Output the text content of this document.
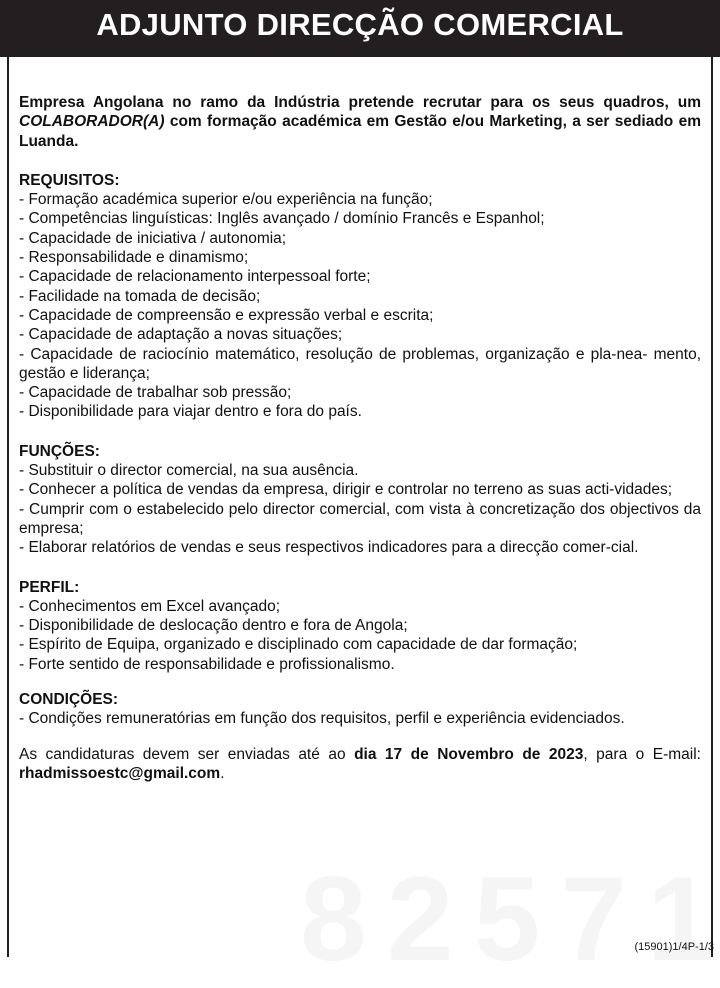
ADJUNTO DIRECÇÃO COMERCIAL

Empresa Angolana no ramo da Indústria pretende recrutar para os seus quadros, um COLABORADOR(A) com formação académica em Gestão e/ou Marketing, a ser sediado em Luanda.

REQUISITOS:

- Formação académica superior e/ou experiência na função;

- Competências linguísticas: Inglês avançado / domínio Francês e Espanhol;

- Capacidade de iniciativa / autonomia;

- Responsabilidade e dinamismo;

- Capacidade de relacionamento interpessoal forte;

- Facilidade na tomada de decisão;

- Capacidade de compreensão e expressão verbal e escrita;

- Capacidade de adaptação a novas situações;

- Capacidade de raciocínio matemático, resolução de problemas, organização e pla-nea- mento, gestão e liderança;

- Capacidade de trabalhar sob pressão;

- Disponibilidade para viajar dentro e fora do país.

FUNÇÕES:

- Substituir o director comercial, na sua ausência.

- Conhecer a política de vendas da empresa, dirigir e controlar no terreno as suas acti-vidades;

- Cumprir com o estabelecido pelo director comercial, com vista à concretização dos objectivos da empresa;

- Elaborar relatórios de vendas e seus respectivos indicadores para a direcção comer-cial.

PERFIL:

- Conhecimentos em Excel avançado;

- Disponibilidade de deslocação dentro e fora de Angola;

- Espírito de Equipa, organizado e disciplinado com capacidade de dar formação;

- Forte sentido de responsabilidade e profissionalismo.

CONDIÇÕES:

- Condições remuneratórias em função dos requisitos, perfil e experiência evidenciados.

As candidaturas devem ser enviadas até ao dia 17 de Novembro de 2023, para o E-mail: rhadmissoestc@gmail.com.

(15901)1/4P-1/3
